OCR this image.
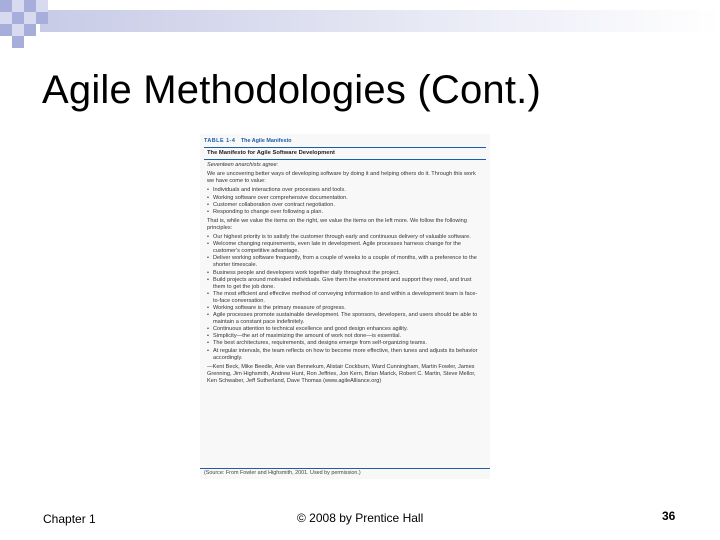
Agile Methodologies (Cont.)
TABLE 1-4 The Agile Manifesto
The Manifesto for Agile Software Development

Seventeen anarchists agree:

We are uncovering better ways of developing software by doing it and helping others do it. Through this work we have come to value:

• Individuals and interactions over processes and tools.
• Working software over comprehensive documentation.
• Customer collaboration over contract negotiation.
• Responding to change over following a plan.

That is, while we value the items on the right, we value the items on the left more. We follow the following principles:

• Our highest priority is to satisfy the customer through early and continuous delivery of valuable software.
• Welcome changing requirements, even late in development. Agile processes harness change for the customer's competitive advantage.
• Deliver working software frequently, from a couple of weeks to a couple of months, with a preference to the shorter timescale.
• Business people and developers work together daily throughout the project.
• Build projects around motivated individuals. Give them the environment and support they need, and trust them to get the job done.
• The most efficient and effective method of conveying information to and within a development team is face-to-face conversation.
• Working software is the primary measure of progress.
• Agile processes promote sustainable development. The sponsors, developers, and users should be able to maintain a constant pace indefinitely.
• Continuous attention to technical excellence and good design enhances agility.
• Simplicity—the art of maximizing the amount of work not done—is essential.
• The best architectures, requirements, and designs emerge from self-organizing teams.
• At regular intervals, the team reflects on how to become more effective, then tunes and adjusts its behavior accordingly.

—Kent Beck, Mike Beedle, Arie van Bennekum, Alistair Cockburn, Ward Cunningham, Martin Fowler, James Grenning, Jim Highsmith, Andrew Hunt, Ron Jeffries, Jon Kern, Brian Marick, Robert C. Martin, Steve Mellor, Ken Schwaber, Jeff Sutherland, Dave Thomas (www.agileAlliance.org)

(Source: From Fowler and Highsmith, 2001. Used by permission.)
Chapter 1	© 2008 by Prentice Hall	36
